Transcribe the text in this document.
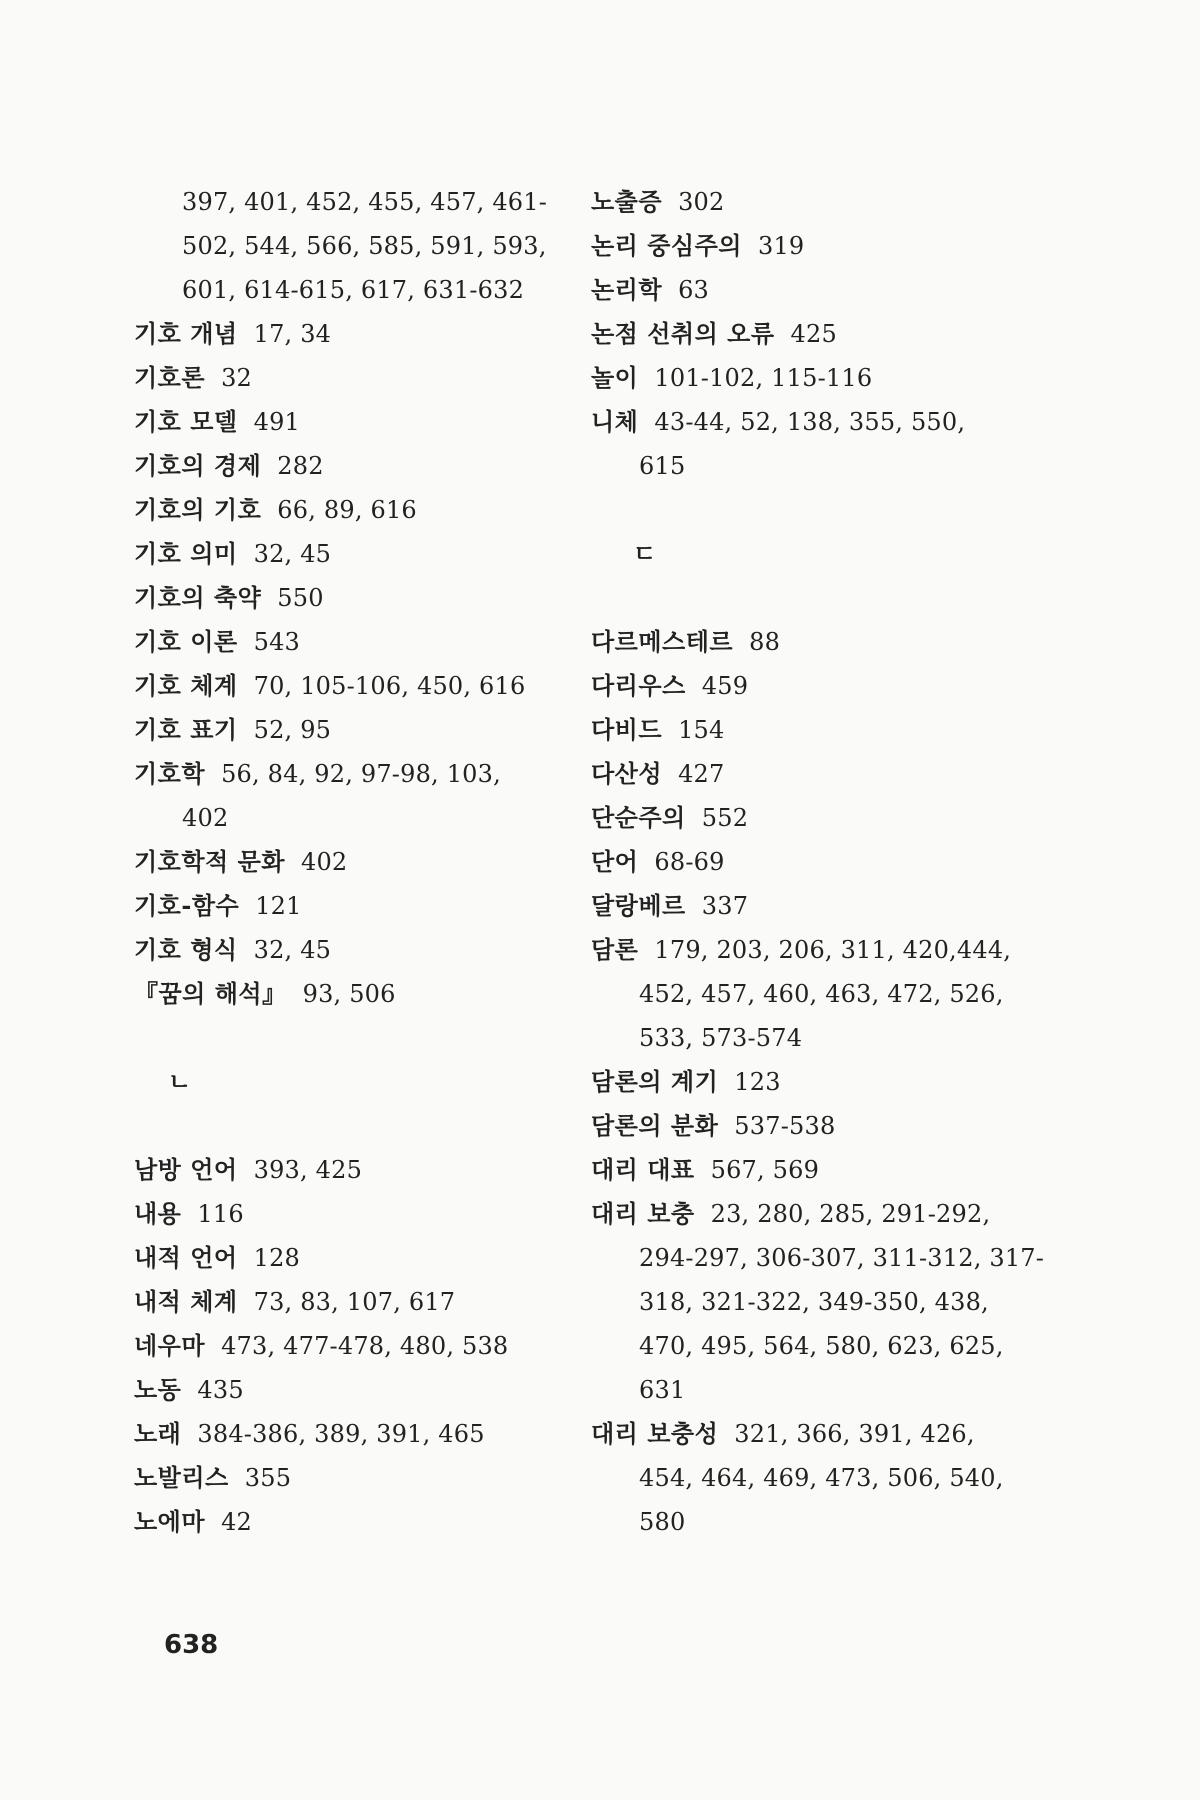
397, 401, 452, 455, 457, 461-
502, 544, 566, 585, 591, 593,
601, 614-615, 617, 631-632
기호 개념 17, 34
기호론 32
기호 모델 491
기호의 경제 282
기호의 기호 66, 89, 616
기호 의미 32, 45
기호의 축약 550
기호 이론 543
기호 체계 70, 105-106, 450, 616
기호 표기 52, 95
기호학 56, 84, 92, 97-98, 103,
402
기호학적 문화 402
기호-함수 121
기호 형식 32, 45
『꿈의 해석』 93, 506
ㄴ
남방 언어 393, 425
내용 116
내적 언어 128
내적 체계 73, 83, 107, 617
네우마 473, 477-478, 480, 538
노동 435
노래 384-386, 389, 391, 465
노발리스 355
노에마 42
노출증 302
논리 중심주의 319
논리학 63
논점 선취의 오류 425
놀이 101-102, 115-116
니체 43-44, 52, 138, 355, 550,
615
ㄷ
다르메스테르 88
다리우스 459
다비드 154
다산성 427
단순주의 552
단어 68-69
달랑베르 337
담론 179, 203, 206, 311, 420,444,
452, 457, 460, 463, 472, 526,
533, 573-574
담론의 계기 123
담론의 분화 537-538
대리 대표 567, 569
대리 보충 23, 280, 285, 291-292,
294-297, 306-307, 311-312, 317-
318, 321-322, 349-350, 438,
470, 495, 564, 580, 623, 625,
631
대리 보충성 321, 366, 391, 426,
454, 464, 469, 473, 506, 540,
580
638
